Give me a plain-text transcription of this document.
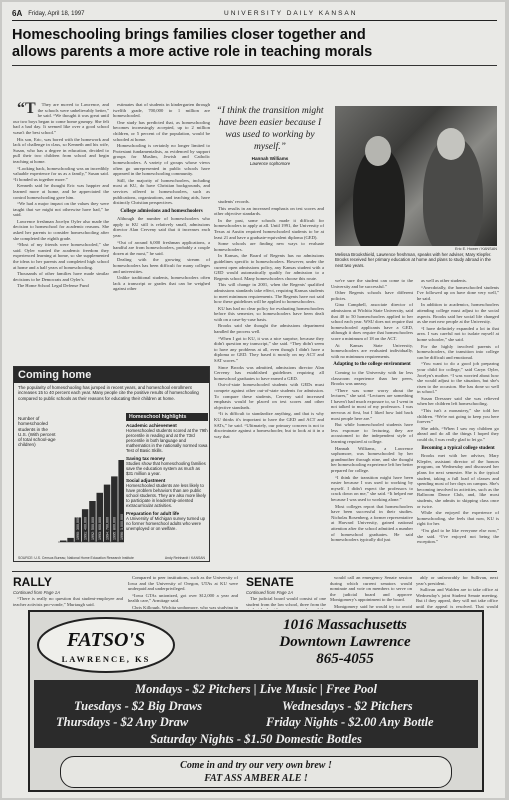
6A Friday, April 18, 1997	UNIVERSITY DAILY KANSAN
Homeschooling brings families closer together and
allows parents a more active role in teaching morals

“T They are moved to Lawrence, and the schools were unbelievably better,” he said. “We thought it was great until our two boys began to come home grumpy. She felt bad a bad day. It seemed like over a good school wasn't the best school.”

His son, Eric, was bored with the homework and lack of challenge in class, so Kenneth and his wife, Susan, who has a degree in education, decided to pull their two children from school and begin teaching at home.

“Looking back, homeschooling was an incredibly valuable experience for us as a family,” Susan said. “It bonded us together more.”

Kenneth said he thought Eric was happier and learned more at home, and he appreciated the control homeschooling gave him.

“We had a major impact on the values they were taught that we might not otherwise have had,” he said.

Lawrence freshman Jocelyn Oyler also made the decision to homeschool for academic reasons. She asked her parents to consider homeschooling after she completed the eighth grade.

“Most of my friends were homeschooled,” she said. Oyler wanted the academic freedom they experienced learning at home, so she supplemented the ideas to her parents and completed high school at home and a half years of homeschooling.

Thousands of other families have made similar decisions to be Democrats and Oyler's.

The Home School Legal Defense Fund

estimates that of students in kindergarten through twelfth grade, 700,000 to 1 million are homeschooled.

One study has predicted that, as homeschooling becomes increasingly accepted, up to 2 million children, or 5 percent of the population, would be schooled at home.

Homeschooling is certainly no longer limited to Protestant fundamentalists, as evidenced by support groups for Muslim, Jewish and Catholic homeschoolers. A variety of groups whose views often go unrepresented in public schools have appeared in the homeschooling community.

Still, the majority of homeschoolers, including most at KU, do have Christian backgrounds, and services offered to homeschoolers, such as publications, organizations, and teaching aids, have distinctly Christian perspectives.

College admissions and homeschoolers

Although the number of homeschoolers who apply to KU still is relatively small, admissions director Alan Cerveny said that it increases each year.

“Out of around 6,000 freshman applications, a handful are from homeschoolers, probably a couple dozen at the most,” he said.

Dealing with the growing stream of homeschoolers has been difficult for many colleges and universities.

Unlike traditional students, homeschoolers often lack a transcript or grades that can be weighed against other

students' records.

This results in an increased emphasis on test scores and other objective standards.

In the past, some schools made it difficult for homeschoolers to apply at all. Until 1991, the University of Texas at Austin required homeschooled students to be at least 21 and have a graduate-equivalent diploma (GED).

Some schools are finding new ways to evaluate homeschoolers.

In Kansas, the Board of Regents has no admissions guidelines specific to homeschoolers. However, under the current open admissions policy, any Kansas student with a GED would automatically qualify for admission to a Regents school. Many homeschoolers choose this route.

This will change in 2001, when the Regents' qualified admissions standards take effect, requiring Kansas students to meet minimum requirements. The Regents have not said how these guidelines will be applied to homeschoolers.

KU has had no clear policy for evaluating homeschoolers before this semester, so homeschoolers have been dealt with on a case-by-case basis.

Brooks said she thought the admissions department handled the process well.

“When I got to KU, it was a nice surprise, because they didn't question my transcript,” she said. “They didn't seem to have any problems at all, even though I didn't have a diploma or GED. They based it mostly on my ACT and SAT scores.”

Since Brooks was admitted, admissions director Alan Cerveny has established guidelines requiring all homeschool graduates to have earned a GED.

Out-of-state homeschooled students with GEDs must compete against other out-of-state students for admission. To compare these students, Cerveny said increased emphasis would be placed on test scores and other objective standards.

“It is difficult to standardize anything, and that is why KU thinks it's important to have the GED and ACT and SATs,” he said. “Ultimately, our primary concern is not to discriminate against a homeschooler, but to look at it in a way that

we're sure the student can come to the University and be successful.”

Other Regents schools have different policies.

Gina Campbell, associate director of admissions at Wichita State University, said that 40 to 50 homeschoolers applied to her school each year. WSU does not require that homeschooled applicants have a GED, although it does require that homeschoolers score a minimum of 18 on the ACT.

At Kansas State University, homeschoolers are evaluated individually, with no minimum requirements.

Adapting to the college environment

Coming to the University with far less classroom experience than her peers, Brooks was uneasy.

“There was some worry about the lectures,” she said. “Lectures are something I haven't had much exposure to, so I went in not talked to most of my professors. I was nervous at first, but I liked how laid back most people here are.”

But while homeschooled students have less exposure to lecturing, they are accustomed to the independent style of learning required at college.

Hannah Williams, a Lawrence sophomore, was homeschooled by her grandmother through nine, and she thought her homeschooling experience left her better prepared for college.

“I think the transition might have been easier because I was used to working by myself. I didn't expect the professors to crack down on me,” she said. “It helped me because I was used to working alone.”

Most colleges report that homeschoolers have been successful in their studies. Nicholas Rosenberg, a former representative at Harvard University, gained national attention after the school admitted a number of homeschool graduates. He said homeschoolers typically did just

as well as other students.

“Anecdotally, the homeschooled students I've followed up on have done very well,” he said.

In addition to academics, homeschoolers attending college must adjust to the social aspects. Brooks said her social life changed as she met new people at the University.

“I have definitely expanded a lot in that area. I was careful not to isolate myself at home schooler,” she said.

For the highly involved parents of homeschoolers, the transition into college can be difficult and emotional.

“You want to do a good job preparing your child for college,” said Caryn Oyler, Jocelyn's mother. “I was worried about how she would adjust to the situation, but she's risen to the occasion. She has done so well in school.”

Susan Dressner said she was relieved when her children left homeschooling.

“This isn't a monastery,” she told her children. “We're not going to keep you here forever.”

She adds, “When I saw my children go ahead and do all the things I hoped they could do, I was really glad to let go.”

Becoming a typical college student

Brooks met with her adviser, Mary Klepfer, assistant director of the honors program, on Wednesday and discussed her plans for next semester. She is the typical student, taking a full load of classes and spending most of her days on campus. She's becoming involved in activities, such as the Ballroom Dance Club, and, like most students, she admits to skipping class once or twice.

While she enjoyed the experience of homeschooling, she feels that now, KU is right for her.

“I'm glad to be like everyone else now,” she said. “I've enjoyed not being the exception.”

“I think the transition might have been easier because I was used to working by myself.”
Hannah Williams
Lawrence sophomore
Eric E. Hower / KANSAN
Melissa Brookshield, Lawrence freshman, speaks with her adviser, Mary Klepfer. Brooks received her primary education at home and plans to study abroad in the next two years.
Coming home
The popularity of homeschooling has jumped in recent years, and homeschool enrollment increases 15 to 40 percent each year. Many people cite the positive results of homeschooling compared to public schools as their reasons for educating their children at home.
Number of homeschooled students in the U.S. (With percent of total school-age children)
1990: 300,000 1991: 400,000 1992: 500,000 1993: 600,000 1994: 700,000 1995: 800,000 1996: 1,000,000
Homeschool highlights
Academic achievement
Homeschooled students scored at the 79th percentile in reading and at the 73rd percentile in both language and mathematics in the nationally normed Iowa Test of Basic Skills.
Saving tax money
Studies show that homeschooling families save the education system as much as $31 million a year.
Social adjustment
Homeschooled students are less likely to have problem behaviors than are public school students. They are also more likely to participate in leadership-oriented extracurricular activities.
Preparation for adult life
A University of Michigan survey turned up no former homeschool adults who were unemployed or on welfare.
SOURCE: U.S. Census Bureau; National Home Education Research Institute	Andy Reinhardt / KANSAN
RALLY
Continued from Page 1A

“There is really no question that student-employee and teacher activists pro-vonde,” Murtaugh said.

Compared to peer institutions, such as the University of Iowa and the University of Oregon, UTAs at KU were underpaid and underprivileged.

“Iowa GTAs unionized, got over $12,000 a year and health care,” Armitage said.

Chris Killough, Wichita sophomore, who was studying in

SENATE
Continued from Page 1A

The judicial board would consist of one student from the law school, three from the

would call an emergency Senate session during which current senators would nominate and vote on members to serve on the judicial board and approve Montgomery's appointment to the board.

Montgomery said he would try to avoid

ably or unfavorably for Sullivan, next year's president.

Sullivan and Walden are to take office at Wednesday's joint Student Senate meeting. But if they appeal, they will not take office until the appeal is resolved. That would

FATSO'S
LAWRENCE, KS
1016 Massachusetts
Downtown Lawrence
865-4055
Mondays - $2 Pitchers | Live Music | Free Pool
Tuesdays - $2 Big Draws	Wednesdays - $2 Pitchers
Thursdays - $2 Any Draw	Friday Nights - $2.00 Any Bottle
Saturday Nights - $1.50 Domestic Bottles
Come in and try our very own brew !
FAT ASS AMBER ALE !
